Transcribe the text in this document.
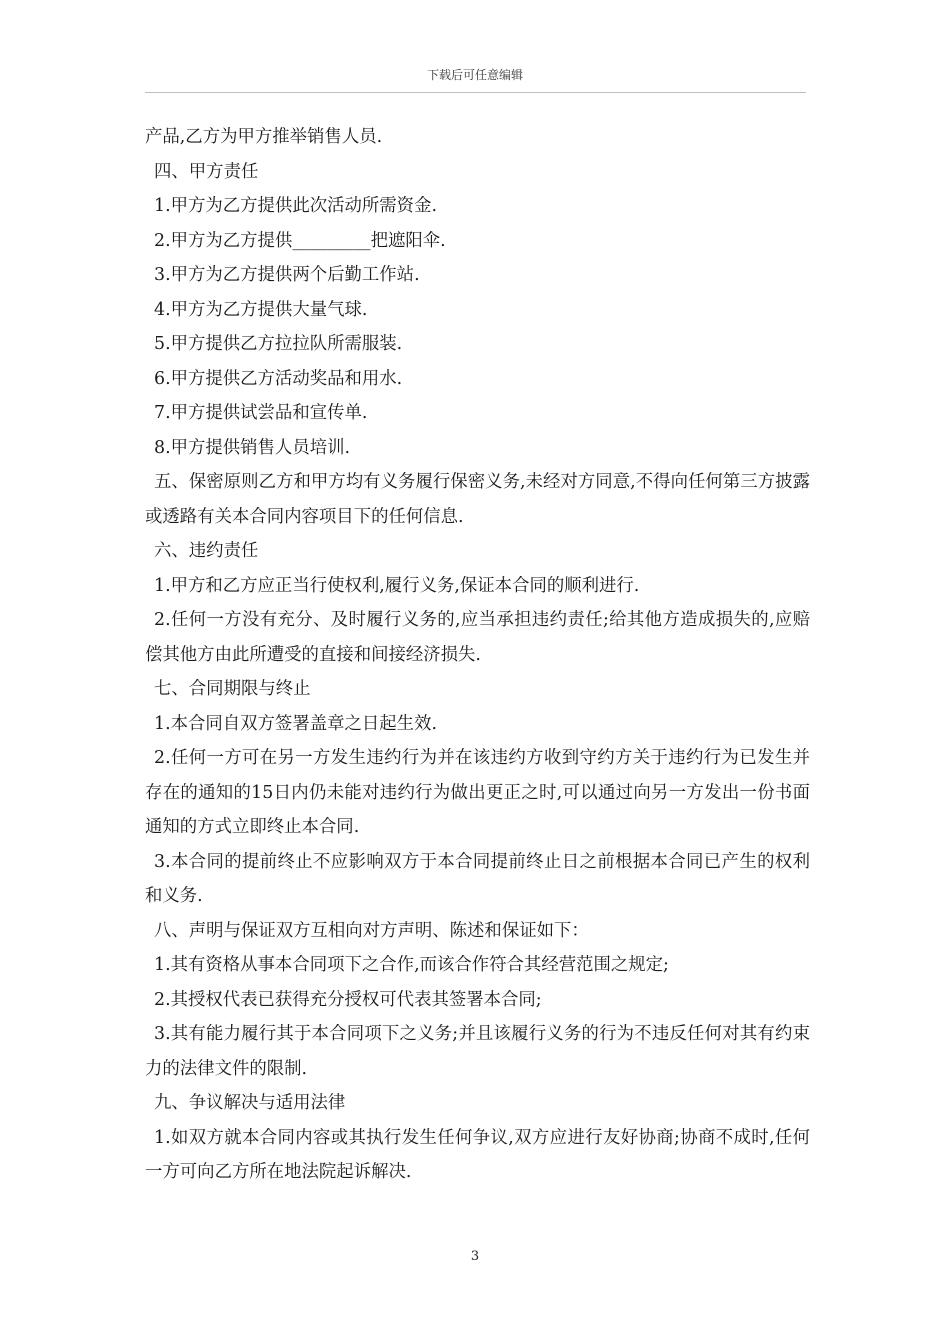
下载后可任意编辑

产品,乙方为甲方推举销售人员.

四、甲方责任

1.甲方为乙方提供此次活动所需资金.

2.甲方为乙方提供_________把遮阳伞.

3.甲方为乙方提供两个后勤工作站.

4.甲方为乙方提供大量气球.

5.甲方提供乙方拉拉队所需服装.

6.甲方提供乙方活动奖品和用水.

7.甲方提供试尝品和宣传单.

8.甲方提供销售人员培训.

五、保密原则乙方和甲方均有义务履行保密义务,未经对方同意,不得向任何第三方披露或透路有关本合同内容项目下的任何信息.

六、违约责任

1.甲方和乙方应正当行使权利,履行义务,保证本合同的顺利进行.

2.任何一方没有充分、及时履行义务的,应当承担违约责任;给其他方造成损失的,应赔偿其他方由此所遭受的直接和间接经济损失.

七、合同期限与终止

1.本合同自双方签署盖章之日起生效.

2.任何一方可在另一方发生违约行为并在该违约方收到守约方关于违约行为已发生并存在的通知的15日内仍未能对违约行为做出更正之时,可以通过向另一方发出一份书面通知的方式立即终止本合同.

3.本合同的提前终止不应影响双方于本合同提前终止日之前根据本合同已产生的权利和义务.

八、声明与保证双方互相向对方声明、陈述和保证如下：

1.其有资格从事本合同项下之合作,而该合作符合其经营范围之规定;

2.其授权代表已获得充分授权可代表其签署本合同;

3.其有能力履行其于本合同项下之义务;并且该履行义务的行为不违反任何对其有约束力的法律文件的限制.

九、争议解决与适用法律

1.如双方就本合同内容或其执行发生任何争议,双方应进行友好协商;协商不成时,任何一方可向乙方所在地法院起诉解决.

3
